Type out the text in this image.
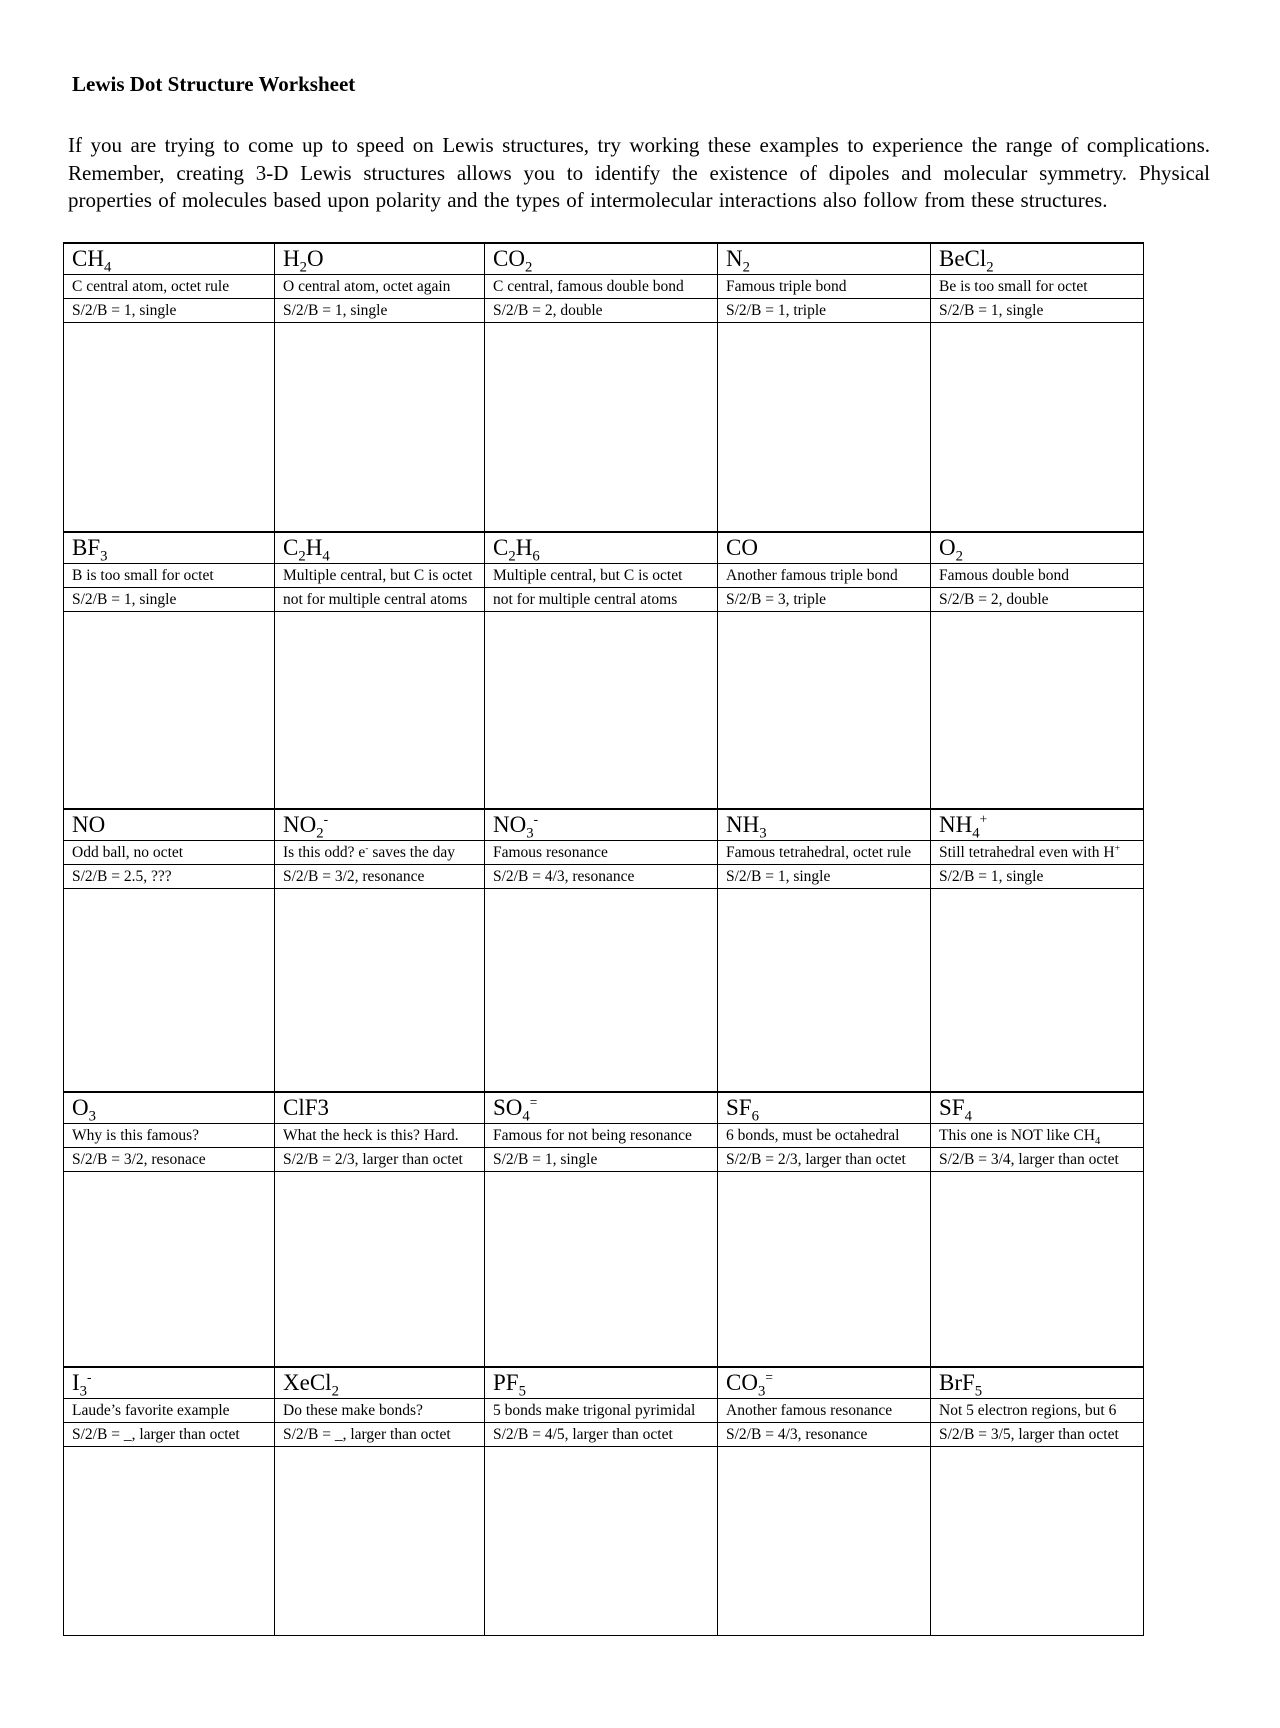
Lewis Dot Structure Worksheet

If you are trying to come up to speed on Lewis structures, try working these examples to experience the range of complications. Remember, creating 3-D Lewis structures allows you to identify the existence of dipoles and molecular symmetry. Physical properties of molecules based upon polarity and the types of intermolecular interactions also follow from these structures.

$CH_4$	$H_2O$	$CO_2$	$N_2$	BeCl$_2$
C central atom, octet rule	O central atom, octet again	C central, famous double bond	Famous triple bond	Be is too small for octet
S/2/B = 1, single	S/2/B = 1, single	S/2/B = 2, double	S/2/B = 1, triple	S/2/B = 1, single

$BF_3$	$C_2H_4$	$C_2H_6$	CO	$O_2$
B is too small for octet	Multiple central, but C is octet	Multiple central, but C is octet	Another famous triple bond	Famous double bond
S/2/B = 1, single	not for multiple central atoms	not for multiple central atoms	S/2/B = 3, triple	S/2/B = 2, double

NO	$NO_2^-$	$NO_3^-$	$NH_3$	$NH_4^+$
Odd ball, no octet	Is this odd? e- saves the day	Famous resonance	Famous tetrahedral, octet rule	Still tetrahedral even with H+
S/2/B = 2.5, ???	S/2/B = 3/2, resonance	S/2/B = 4/3, resonance	S/2/B = 1, single	S/2/B = 1, single

$O_3$	ClF3	$SO_4^=$	$SF_6$	$SF_4$
Why is this famous?	What the heck is this? Hard.	Famous for not being resonance	6 bonds, must be octahedral	This one is NOT like $CH_4$
S/2/B = 3/2, resonace	S/2/B = 2/3, larger than octet	S/2/B = 1, single	S/2/B = 2/3, larger than octet	S/2/B = 3/4, larger than octet

$I_3^-$	XeCl$_2$	$PF_5$	$CO_3^=$	BrF$_5$
Laude’s favorite example	Do these make bonds?	5 bonds make trigonal pyrimidal	Another famous resonance	Not 5 electron regions, but 6
S/2/B = _, larger than octet	S/2/B = _, larger than octet	S/2/B = 4/5, larger than octet	S/2/B = 4/3, resonance	S/2/B = 3/5, larger than octet
